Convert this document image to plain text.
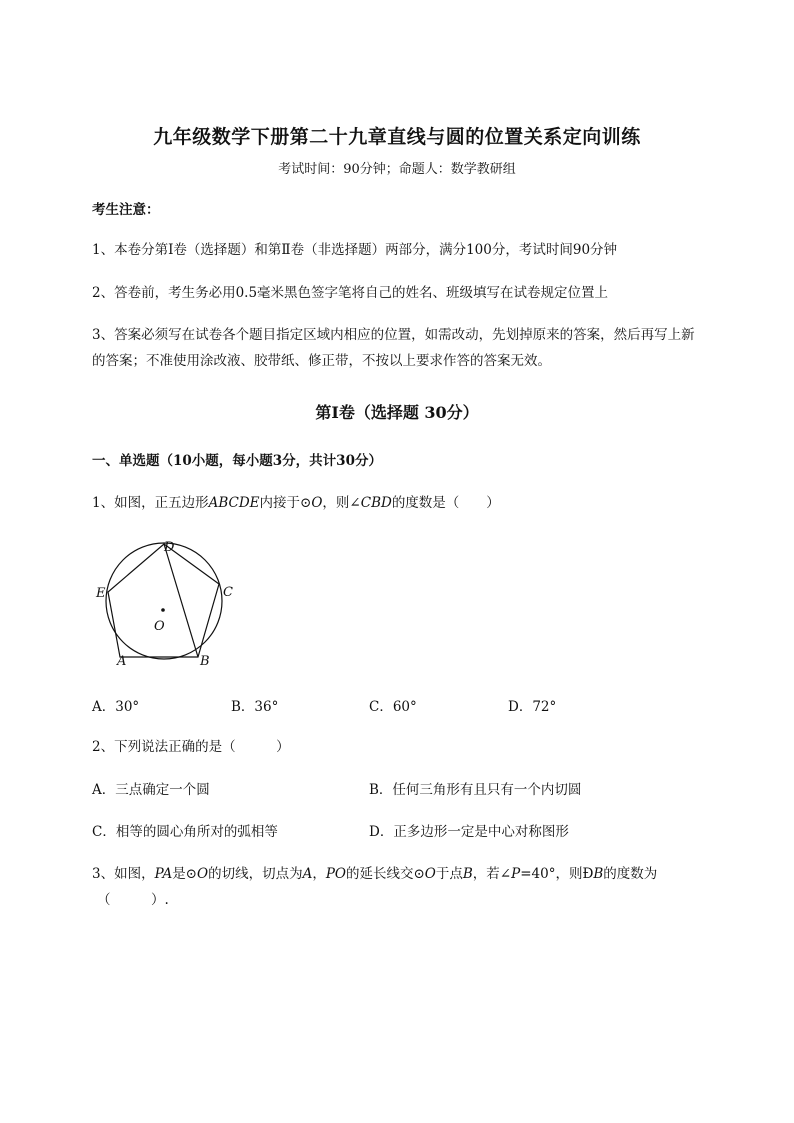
九年级数学下册第二十九章直线与圆的位置关系定向训练
考试时间：90分钟；命题人：数学教研组
考生注意：
1、本卷分第Ⅰ卷（选择题）和第Ⅱ卷（非选择题）两部分，满分100分，考试时间90分钟
2、答卷前，考生务必用0.5毫米黑色签字笔将自己的姓名、班级填写在试卷规定位置上
3、答案必须写在试卷各个题目指定区域内相应的位置，如需改动，先划掉原来的答案，然后再写上新
的答案；不准使用涂改液、胶带纸、修正带，不按以上要求作答的答案无效。
第Ⅰ卷（选择题 30分）
一、单选题（10小题，每小题3分，共计30分）
1、如图，正五边形ABCDE内接于⊙O，则∠CBD的度数是（　　）
D
E	C
A	B
O
A．30°	B．36°	C．60°	D．72°
2、下列说法正确的是（　　　）
A．三点确定一个圆	B．任何三角形有且只有一个内切圆
C．相等的圆心角所对的弧相等	D．正多边形一定是中心对称图形
3、如图，PA是⊙O的切线，切点为A，PO的延长线交⊙O于点B，若∠P=40°，则ÐB的度数为
（　　　）.
